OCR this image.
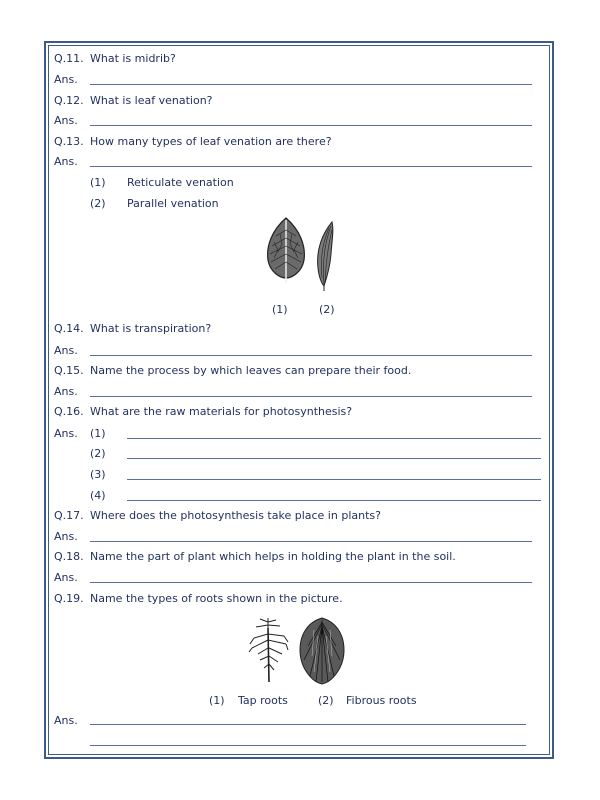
Q.11. What is midrib?
Ans.
Q.12. What is leaf venation?
Ans.
Q.13. How many types of leaf venation are there?
Ans.
(1) Reticulate venation
(2) Parallel venation
(1)	(2)
Q.14. What is transpiration?
Ans.
Q.15. Name the process by which leaves can prepare their food.
Ans.
Q.16. What are the raw materials for photosynthesis?
Ans. (1)
(2)
(3)
(4)
Q.17. Where does the photosynthesis take place in plants?
Ans.
Q.18. Name the part of plant which helps in holding the plant in the soil.
Ans.
Q.19. Name the types of roots shown in the picture.
(1) Tap roots	(2) Fibrous roots
Ans.
